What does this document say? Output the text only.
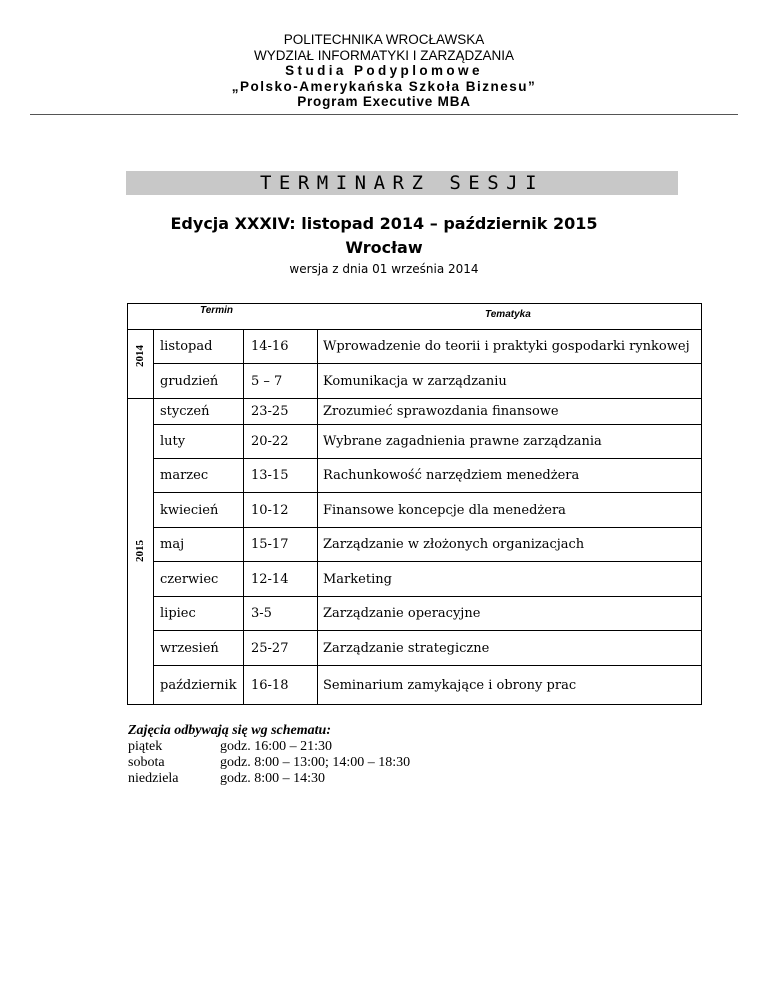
POLITECHNIKA WROCŁAWSKA
WYDZIAŁ INFORMATYKI I ZARZĄDZANIA
Studia Podyplomowe
„Polsko-Amerykańska Szkoła Biznesu”
Program Executive MBA
TERMINARZ SESJI
Edycja XXXIV: listopad 2014 – październik 2015
Wrocław
wersja z dnia 01 września 2014
Termin	Tematyka
2014
2015
listopad	14-16	Wprowadzenie do teorii i praktyki gospodarki rynkowej
grudzień	5 – 7	Komunikacja w zarządzaniu
styczeń	23-25	Zrozumieć sprawozdania finansowe
luty	20-22	Wybrane zagadnienia prawne zarządzania
marzec	13-15	Rachunkowość narzędziem menedżera
kwiecień	10-12	Finansowe koncepcje dla menedżera
maj	15-17	Zarządzanie w złożonych organizacjach
czerwiec	12-14	Marketing
lipiec	3-5	Zarządzanie operacyjne
wrzesień	25-27	Zarządzanie strategiczne
październik	16-18	Seminarium zamykające i obrony prac
Zajęcia odbywają się wg schematu:
piątek	godz. 16:00 – 21:30
sobota	godz. 8:00 – 13:00; 14:00 – 18:30
niedziela	godz. 8:00 – 14:30
